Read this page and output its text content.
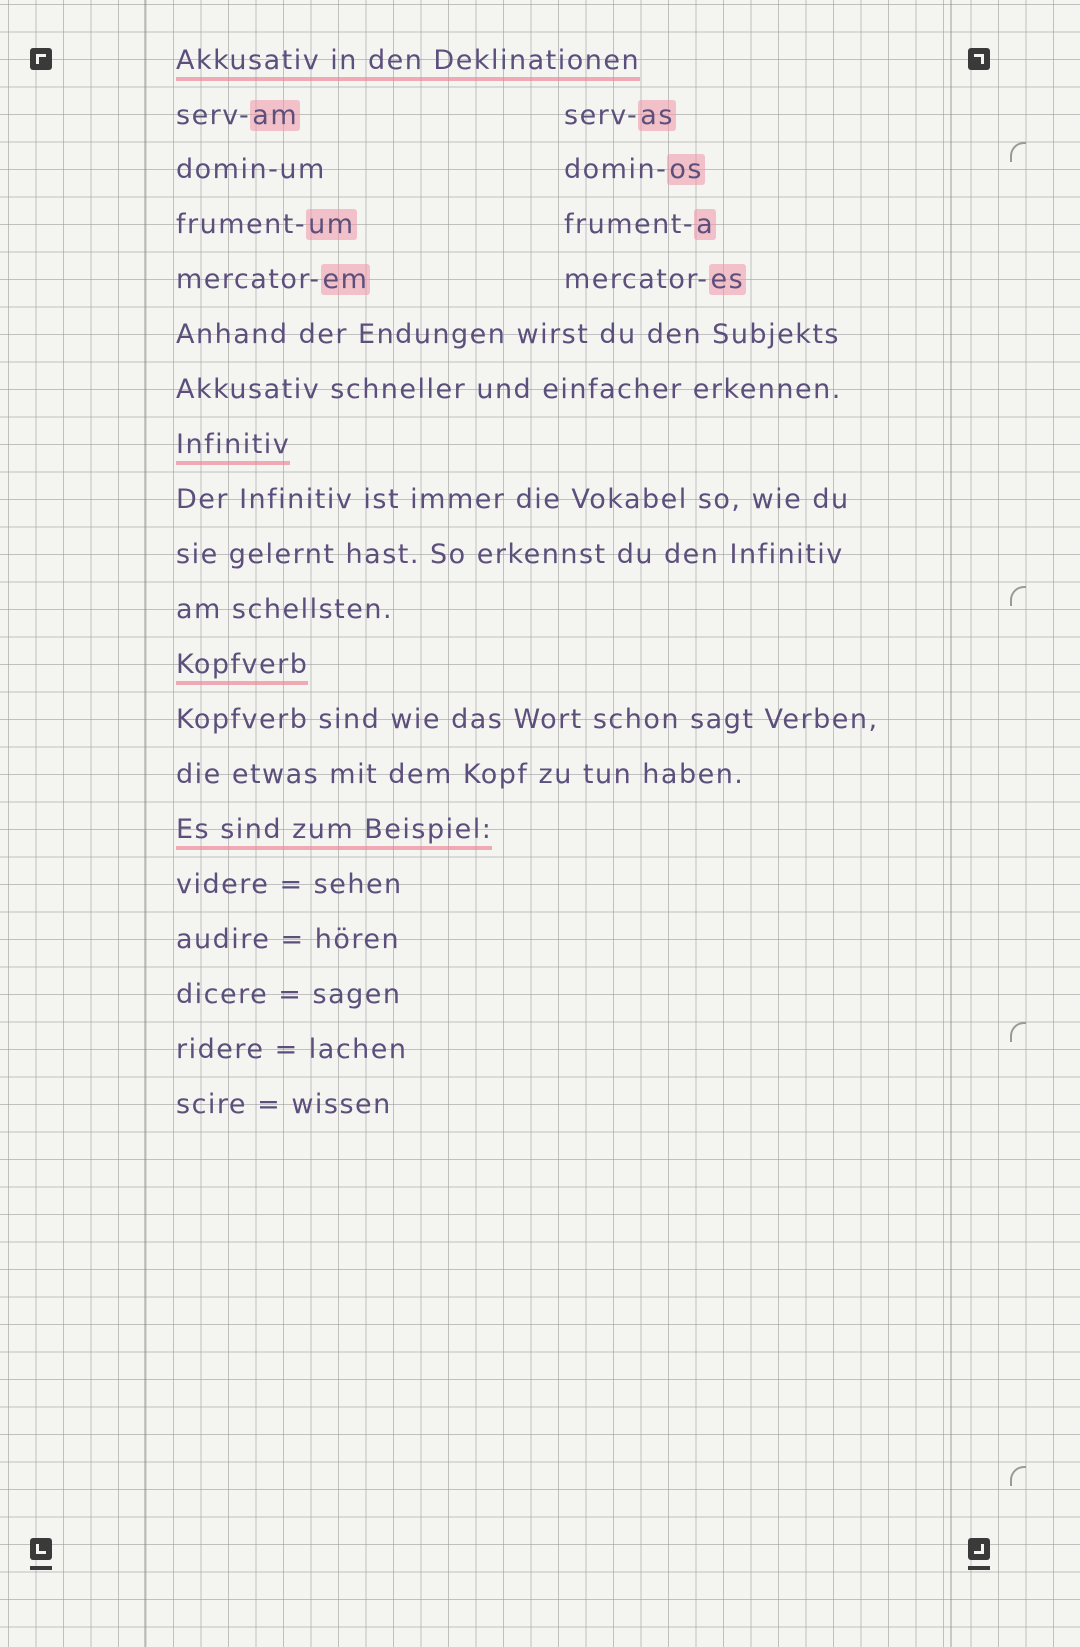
Akkusativ in den Deklinationen
serv-am	serv-as
domin-um	domin-os
frument-um	frument-a
mercator-em	mercator-es
Anhand der Endungen wirst du den Subjekts
Akkusativ schneller und einfacher erkennen.
Infinitiv
Der Infinitiv ist immer die Vokabel so, wie du
sie gelernt hast. So erkennst du den Infinitiv
am schellsten.
Kopfverb
Kopfverb sind wie das Wort schon sagt Verben,
die etwas mit dem Kopf zu tun haben.
Es sind zum Beispiel:
videre = sehen
audire = hören
dicere = sagen
ridere = lachen
scire = wissen
